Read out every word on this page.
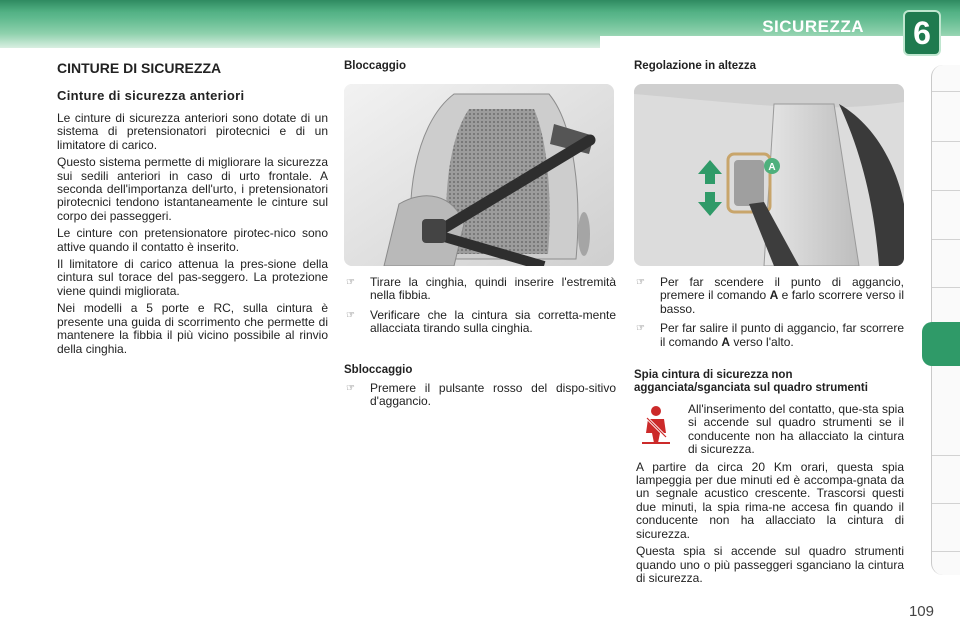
SICUREZZA 6
CINTURE DI SICUREZZA
Cinture di sicurezza anteriori

Le cinture di sicurezza anteriori sono dotate di un sistema di pretensionatori pirotecnici e di un limitatore di carico.

Questo sistema permette di migliorare la sicurezza sui sedili anteriori in caso di urto frontale. A seconda dell'importanza dell'urto, i pretensionatori pirotecnici tendono istantaneamente le cinture sul corpo dei passeggeri.

Le cinture con pretensionatore pirotec-nico sono attive quando il contatto è inserito.

Il limitatore di carico attenua la pres-sione della cintura sul torace del pas-seggero. La protezione viene quindi migliorata.

Nei modelli a 5 porte e RC, sulla cintura è presente una guida di scorrimento che permette di mantenere la fibbia il più vicino possibile al rinvio della cinghia.

Bloccaggio
☞	Tirare la cinghia, quindi inserire l'estremità nella fibbia.
☞	Verificare che la cintura sia corretta-mente allacciata tirando sulla cinghia.
Sbloccaggio
☞	Premere il pulsante rosso del dispo-sitivo d'aggancio.
Regolazione in altezza
A
☞	Per far scendere il punto di aggancio, premere il comando A e farlo scorrere verso il basso.
☞	Per far salire il punto di aggancio, far scorrere il comando A verso l'alto.
Spia cintura di sicurezza non agganciata/sganciata sul quadro strumenti
All'inserimento del contatto, que-sta spia si accende sul quadro strumenti se il conducente non ha allacciato la cintura di sicurezza.

A partire da circa 20 Km orari, questa spia lampeggia per due minuti ed è accompa-gnata da un segnale acustico crescente. Trascorsi questi due minuti, la spia rima-ne accesa fin quando il conducente non ha allacciato la cintura di sicurezza.

Questa spia si accende sul quadro strumenti quando uno o più passeggeri sganciano la cintura di sicurezza.

109
